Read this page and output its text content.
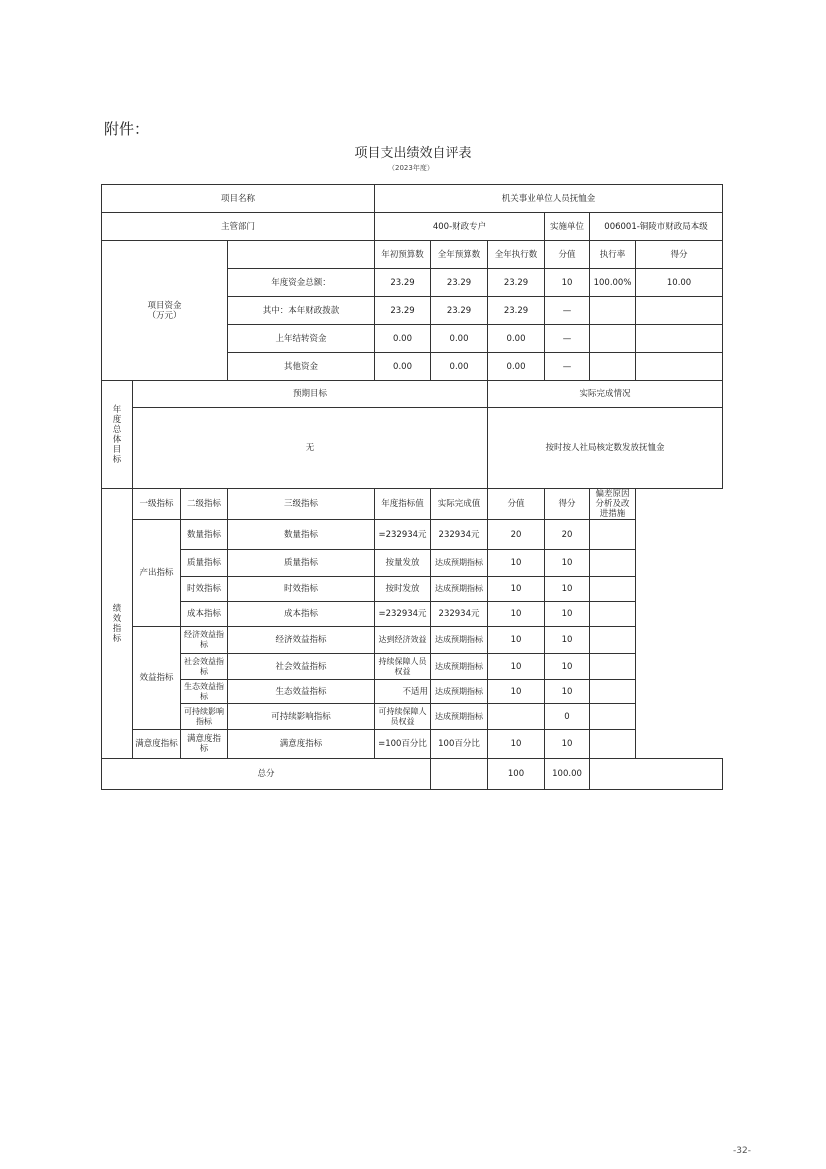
附件：
项目支出绩效自评表
（2023年度）
项目名称				机关事业单位人员抚恤金					
主管部门				400-财政专户			实施单位	006001-铜陵市财政局本级	
项目资金
（万元）				年初预算数	全年预算数	全年执行数	分值	执行率	得分
			年度资金总额：	23.29	23.29	23.29	10	100.00%	10.00
			其中：本年财政拨款	23.29	23.29	23.29	—		
			上年结转资金	0.00	0.00	0.00	—		
			其他资金	0.00	0.00	0.00	—		

年度总体目标	预期目标					实际完成情况			
	无					按时按人社局核定数发放抚恤金			

绩效指标	一级指标	二级指标	三级指标	年度指标值	实际完成值	分值	得分	偏差原因分析及改进措施	
	产出指标	数量指标	数量指标	=232934元	232934元	20	20		
		质量指标	质量指标	按量发放	达成预期指标	10	10		
		时效指标	时效指标	按时发放	达成预期指标	10	10		
		成本指标	成本指标	=232934元	232934元	10	10		
	效益指标	经济效益指标	经济效益指标	达到经济效益	达成预期指标	10	10		
		社会效益指标	社会效益指标	持续保障人员权益	达成预期指标	10	10		
		生态效益指标	生态效益指标	不适用	达成预期指标	10	10		
		可持续影响指标	可持续影响指标	可持续保障人员权益	达成预期指标		0		
	满意度指标	满意度指标	满意度指标	=100百分比	100百分比	10	10		
总分						100	100.00		
-32-
